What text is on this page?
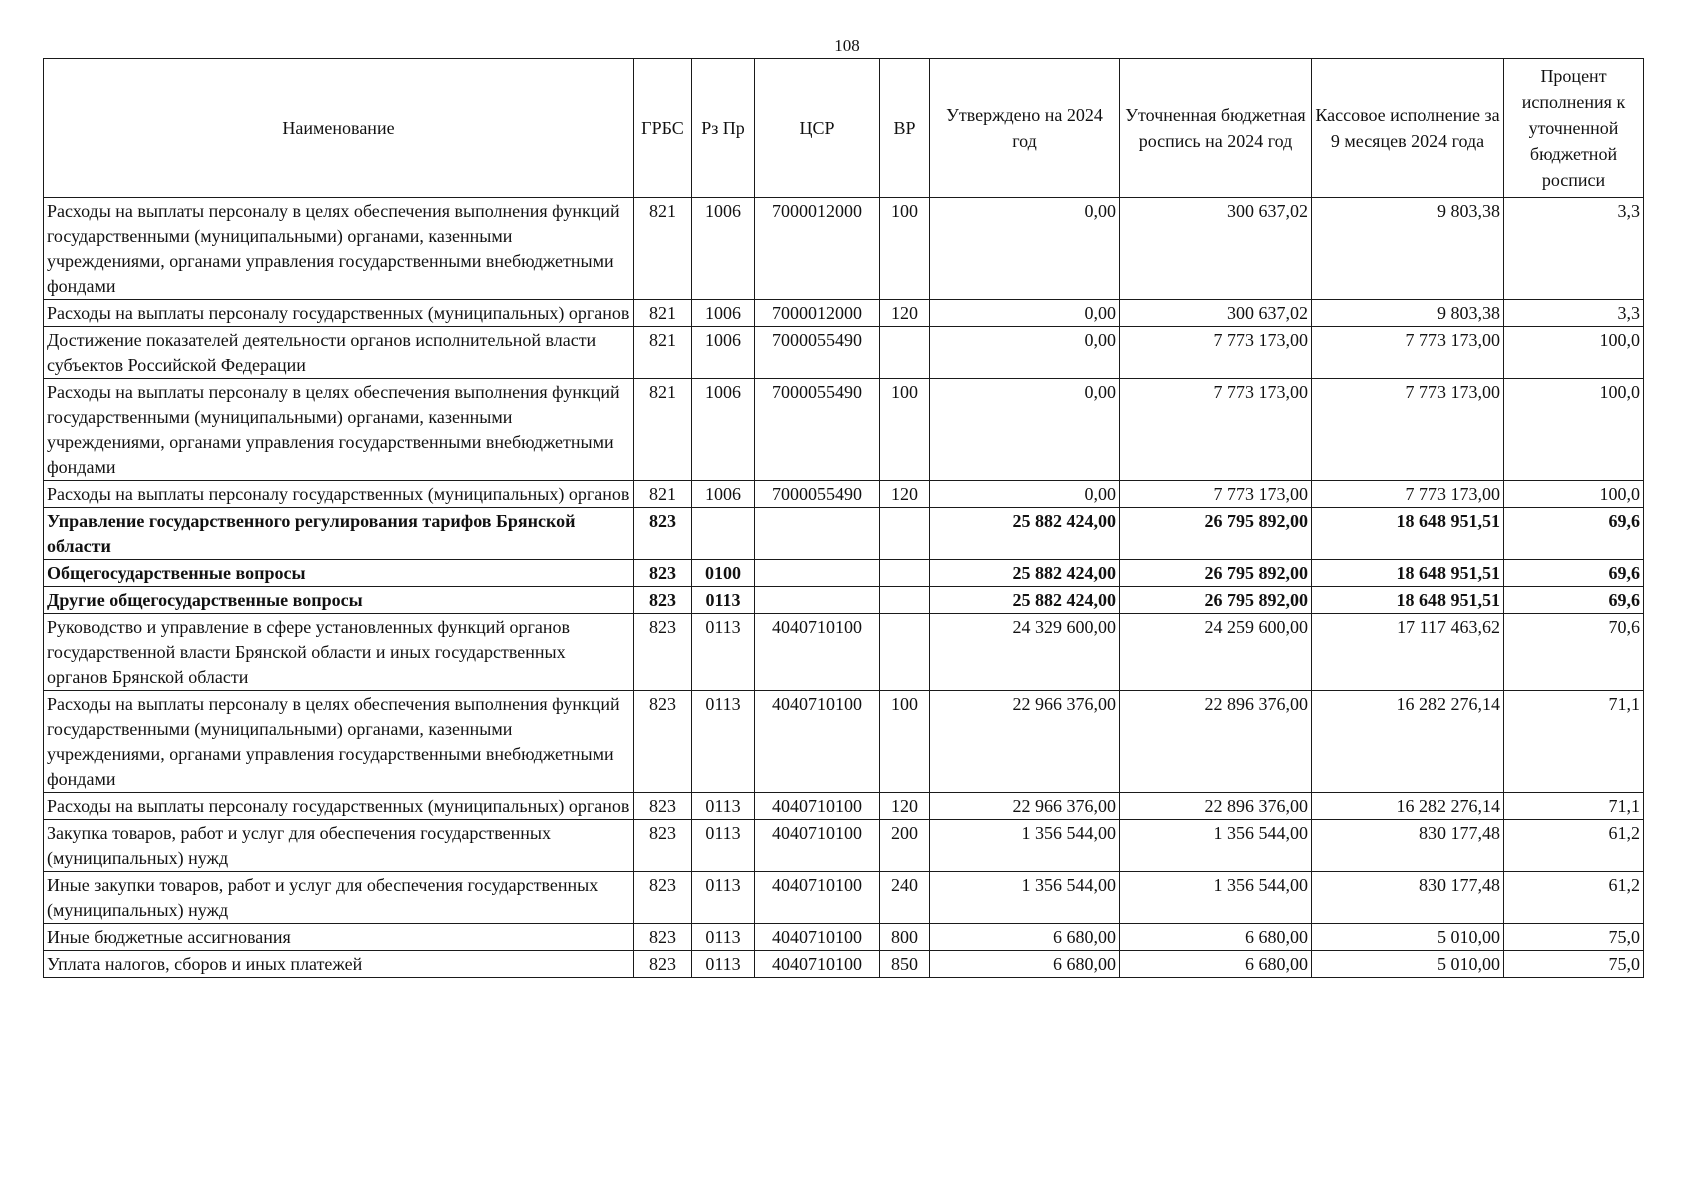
108
Наименование	ГРБС	Рз Пр	ЦСР	ВР	Утверждено на 2024 год	Уточненная бюджетная роспись на 2024 год	Кассовое исполнение за 9 месяцев 2024 года	Процент исполнения к уточненной бюджетной росписи
Расходы на выплаты персоналу в целях обеспечения выполнения функций государственными (муниципальными) органами, казенными учреждениями, органами управления государственными внебюджетными фондами	821	1006	7000012000	100	0,00	300 637,02	9 803,38	3,3
Расходы на выплаты персоналу государственных (муниципальных) органов	821	1006	7000012000	120	0,00	300 637,02	9 803,38	3,3
Достижение показателей деятельности органов исполнительной власти субъектов Российской Федерации	821	1006	7000055490		0,00	7 773 173,00	7 773 173,00	100,0
Расходы на выплаты персоналу в целях обеспечения выполнения функций государственными (муниципальными) органами, казенными учреждениями, органами управления государственными внебюджетными фондами	821	1006	7000055490	100	0,00	7 773 173,00	7 773 173,00	100,0
Расходы на выплаты персоналу государственных (муниципальных) органов	821	1006	7000055490	120	0,00	7 773 173,00	7 773 173,00	100,0
Управление государственного регулирования тарифов Брянской области	823				25 882 424,00	26 795 892,00	18 648 951,51	69,6
Общегосударственные вопросы	823	0100			25 882 424,00	26 795 892,00	18 648 951,51	69,6
Другие общегосударственные вопросы	823	0113			25 882 424,00	26 795 892,00	18 648 951,51	69,6
Руководство и управление в сфере установленных функций органов государственной власти Брянской области и иных государственных органов Брянской области	823	0113	4040710100		24 329 600,00	24 259 600,00	17 117 463,62	70,6
Расходы на выплаты персоналу в целях обеспечения выполнения функций государственными (муниципальными) органами, казенными учреждениями, органами управления государственными внебюджетными фондами	823	0113	4040710100	100	22 966 376,00	22 896 376,00	16 282 276,14	71,1
Расходы на выплаты персоналу государственных (муниципальных) органов	823	0113	4040710100	120	22 966 376,00	22 896 376,00	16 282 276,14	71,1
Закупка товаров, работ и услуг для обеспечения государственных (муниципальных) нужд	823	0113	4040710100	200	1 356 544,00	1 356 544,00	830 177,48	61,2
Иные закупки товаров, работ и услуг для обеспечения государственных (муниципальных) нужд	823	0113	4040710100	240	1 356 544,00	1 356 544,00	830 177,48	61,2
Иные бюджетные ассигнования	823	0113	4040710100	800	6 680,00	6 680,00	5 010,00	75,0
Уплата налогов, сборов и иных платежей	823	0113	4040710100	850	6 680,00	6 680,00	5 010,00	75,0
